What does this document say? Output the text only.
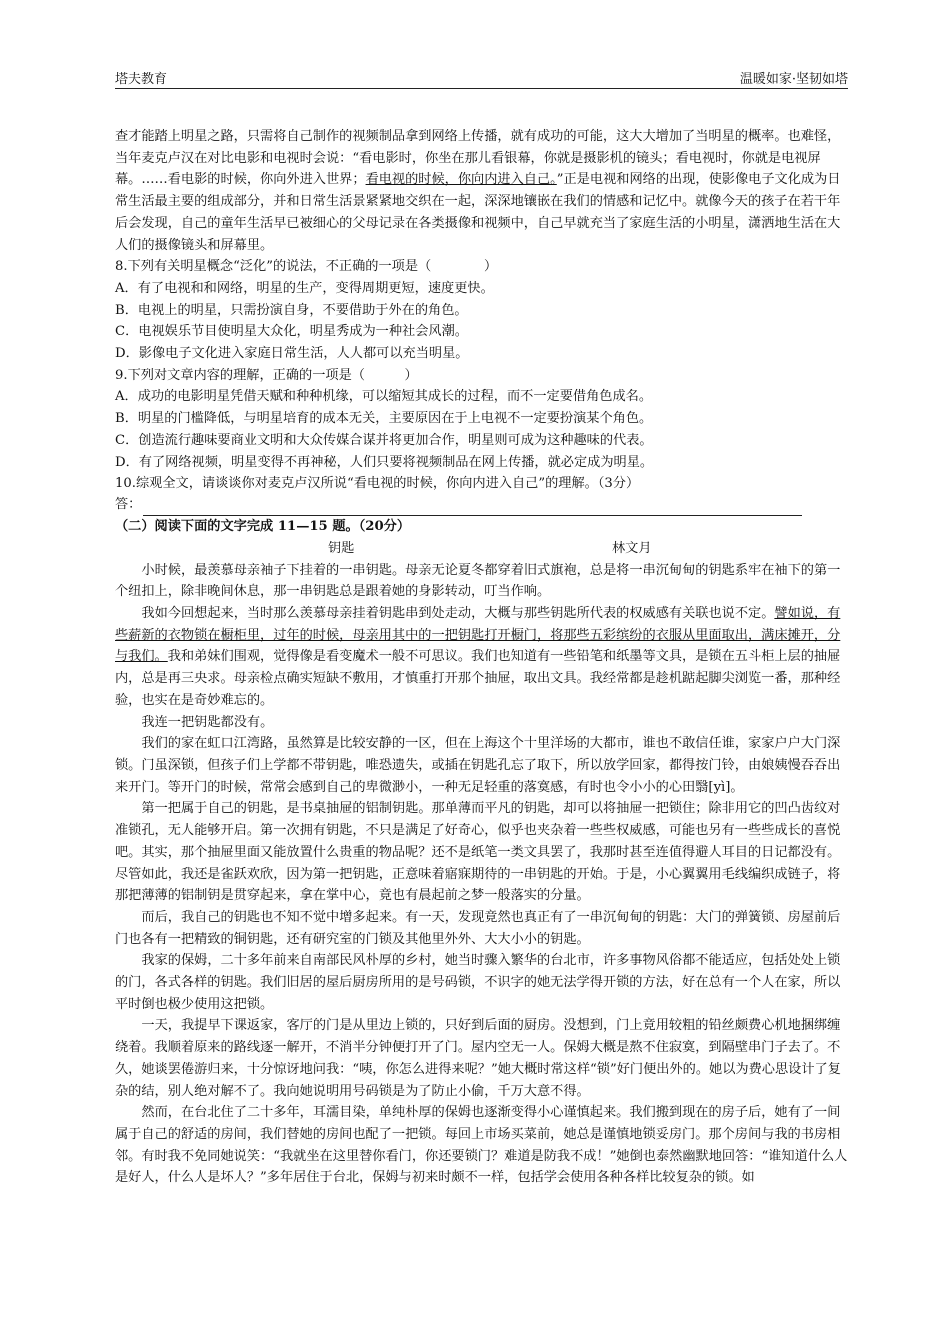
塔夫教育	温暖如家·坚韧如塔

查才能踏上明星之路，只需将自己制作的视频制品拿到网络上传播，就有成功的可能，这大大增加了当明星的概率。也难怪，当年麦克卢汉在对比电影和电视时会说：“看电影时，你坐在那儿看银幕，你就是摄影机的镜头；看电视时，你就是电视屏幕。……看电影的时候，你向外进入世界；看电视的时候，你向内进入自己。”正是电视和网络的出现，使影像电子文化成为日常生活最主要的组成部分，并和日常生活景紧紧地交织在一起，深深地镶嵌在我们的情感和记忆中。就像今天的孩子在若干年后会发现，自己的童年生活早已被细心的父母记录在各类摄像和视频中，自己早就充当了家庭生活的小明星，潇洒地生活在大人们的摄像镜头和屏幕里。

8.下列有关明星概念“泛化”的说法，不正确的一项是（　　　　）

A．有了电视和和网络，明星的生产，变得周期更短，速度更快。

B．电视上的明星，只需扮演自身，不要借助于外在的角色。

C．电视娱乐节目使明星大众化，明星秀成为一种社会风潮。

D．影像电子文化进入家庭日常生活，人人都可以充当明星。

9.下列对文章内容的理解，正确的一项是（　　　）

A．成功的电影明星凭借天赋和种种机缘，可以缩短其成长的过程，而不一定要借角色成名。

B．明星的门槛降低，与明星培育的成本无关，主要原因在于上电视不一定要扮演某个角色。

C．创造流行趣味要商业文明和大众传媒合谋并将更加合作，明星则可成为这种趣味的代表。

D．有了网络视频，明星变得不再神秘，人们只要将视频制品在网上传播，就必定成为明星。

10.综观全文，请谈谈你对麦克卢汉所说“看电视的时候，你向内进入自己”的理解。（3分）

答：

（二）阅读下面的文字完成 11—15 题。（20分）

钥匙	林文月

小时候，最羡慕母亲袖子下挂着的一串钥匙。母亲无论夏冬都穿着旧式旗袍，总是将一串沉甸甸的钥匙系牢在袖下的第一个纽扣上，除非晚间休息，那一串钥匙总是跟着她的身影转动，叮当作响。

我如今回想起来，当时那么羡慕母亲挂着钥匙串到处走动，大概与那些钥匙所代表的权威感有关联也说不定。譬如说，有些薪新的衣物锁在橱柜里，过年的时候，母亲用其中的一把钥匙打开橱门，将那些五彩缤纷的衣服从里面取出，满床摊开，分与我们。我和弟妹们围观，觉得像是看变魔术一般不可思议。我们也知道有一些铅笔和纸墨等文具，是锁在五斗柜上层的抽屉内，总是再三央求。母亲检点确实短缺不敷用，才慎重打开那个抽屉，取出文具。我经常都是趁机踮起脚尖浏览一番，那种经验，也实在是奇妙难忘的。

我连一把钥匙都没有。

我们的家在虹口江湾路，虽然算是比较安静的一区，但在上海这个十里洋场的大都市，谁也不敢信任谁，家家户户大门深锁。门虽深锁，但孩子们上学都不带钥匙，唯恐遗失，或插在钥匙孔忘了取下，所以放学回家，都得按门铃，由娘姨慢吞吞出来开门。等开门的时候，常常会感到自己的卑微渺小，一种无足轻重的落寞感，有时也令小小的心田翳[yì]。

第一把属于自己的钥匙，是书桌抽屉的铝制钥匙。那单薄而平凡的钥匙，却可以将抽屉一把锁住；除非用它的凹凸齿纹对准锁孔，无人能够开启。第一次拥有钥匙，不只是满足了好奇心，似乎也夹杂着一些些权威感，可能也另有一些些成长的喜悦吧。其实，那个抽屉里面又能放置什么贵重的物品呢？还不是纸笔一类文具罢了，我那时甚至连值得避人耳目的日记都没有。尽管如此，我还是雀跃欢欣，因为第一把钥匙，正意味着寤寐期待的一串钥匙的开始。于是，小心翼翼用毛线编织成链子，将那把薄薄的铝制钥是贯穿起来，拿在掌中心，竟也有晨起前之梦一般落实的分量。

而后，我自己的钥匙也不知不觉中增多起来。有一天，发现竟然也真正有了一串沉甸甸的钥匙：大门的弹簧锁、房屋前后门也各有一把精致的铜钥匙，还有研究室的门锁及其他里外外、大大小小的钥匙。

我家的保姆，二十多年前来自南部民风朴厚的乡村，她当时骤入繁华的台北市，许多事物风俗都不能适应，包括处处上锁的门，各式各样的钥匙。我们旧居的屋后厨房所用的是号码锁，不识字的她无法学得开锁的方法，好在总有一个人在家，所以平时倒也极少使用这把锁。

一天，我提早下课返家，客厅的门是从里边上锁的，只好到后面的厨房。没想到，门上竟用较粗的铅丝颇费心机地捆绑缠绕着。我顺着原来的路线逐一解开，不消半分钟便打开了门。屋内空无一人。保姆大概是熬不住寂寞，到隔壁串门子去了。不久，她谈罢倦游归来，十分惊讶地问我：“咦，你怎么进得来呢？”她大概时常这样“锁”好门便出外的。她以为费心思设计了复杂的结，别人绝对解不了。我向她说明用号码锁是为了防止小偷，千万大意不得。

然而，在台北住了二十多年，耳濡目染，单纯朴厚的保姆也逐渐变得小心谨慎起来。我们搬到现在的房子后，她有了一间属于自己的舒适的房间，我们替她的房间也配了一把锁。每回上市场买菜前，她总是谨慎地锁妥房门。那个房间与我的书房相邻。有时我不免同她说笑：“我就坐在这里替你看门，你还要锁门？难道是防我不成！”她倒也泰然幽默地回答：“谁知道什么人是好人，什么人是坏人？”多年居住于台北，保姆与初来时颇不一样，包括学会使用各种各样比较复杂的锁。如
